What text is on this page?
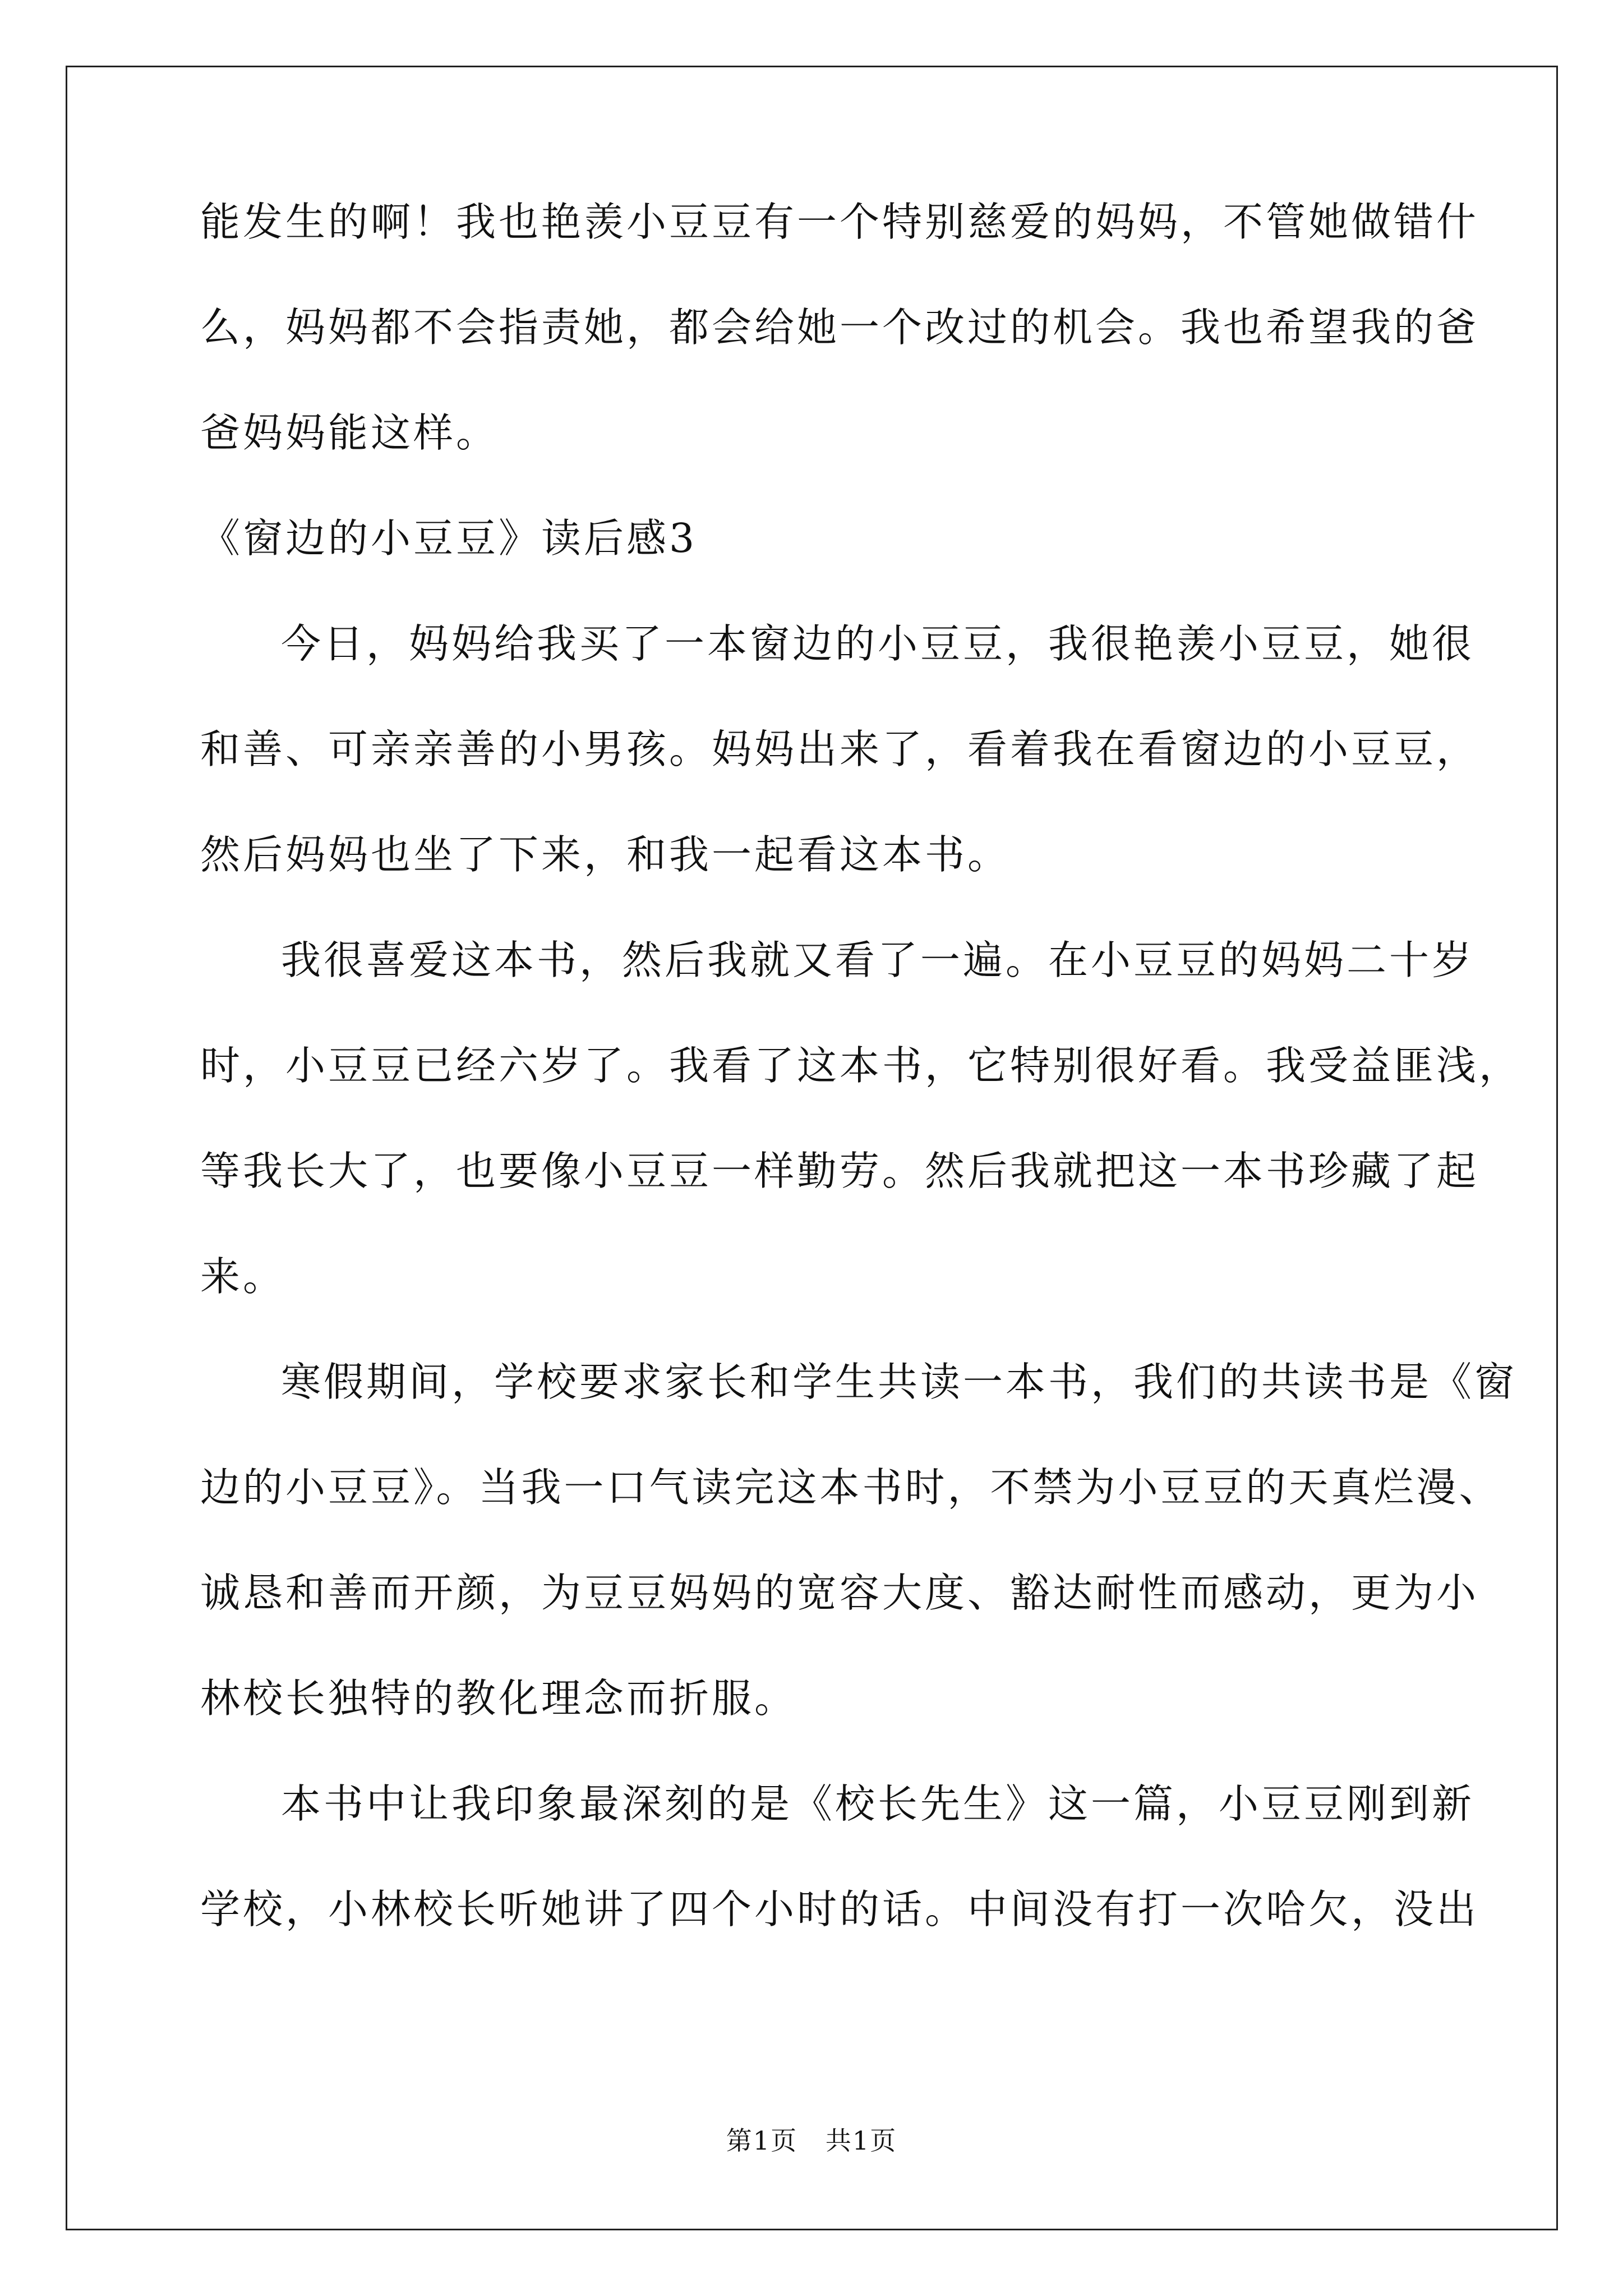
能发生的啊！我也艳羡小豆豆有一个特别慈爱的妈妈，不管她做错什

么，妈妈都不会指责她，都会给她一个改过的机会。我也希望我的爸

爸妈妈能这样。

《窗边的小豆豆》读后感3

今日，妈妈给我买了一本窗边的小豆豆，我很艳羡小豆豆，她很

和善、可亲亲善的小男孩。妈妈出来了，看着我在看窗边的小豆豆，

然后妈妈也坐了下来，和我一起看这本书。

我很喜爱这本书，然后我就又看了一遍。在小豆豆的妈妈二十岁

时，小豆豆已经六岁了。我看了这本书，它特别很好看。我受益匪浅，

等我长大了，也要像小豆豆一样勤劳。然后我就把这一本书珍藏了起

来。

寒假期间，学校要求家长和学生共读一本书，我们的共读书是《窗

边的小豆豆》。当我一口气读完这本书时，不禁为小豆豆的天真烂漫、

诚恳和善而开颜，为豆豆妈妈的宽容大度、豁达耐性而感动，更为小

林校长独特的教化理念而折服。

本书中让我印象最深刻的是《校长先生》这一篇，小豆豆刚到新

学校，小林校长听她讲了四个小时的话。中间没有打一次哈欠，没出

第1页   共1页
